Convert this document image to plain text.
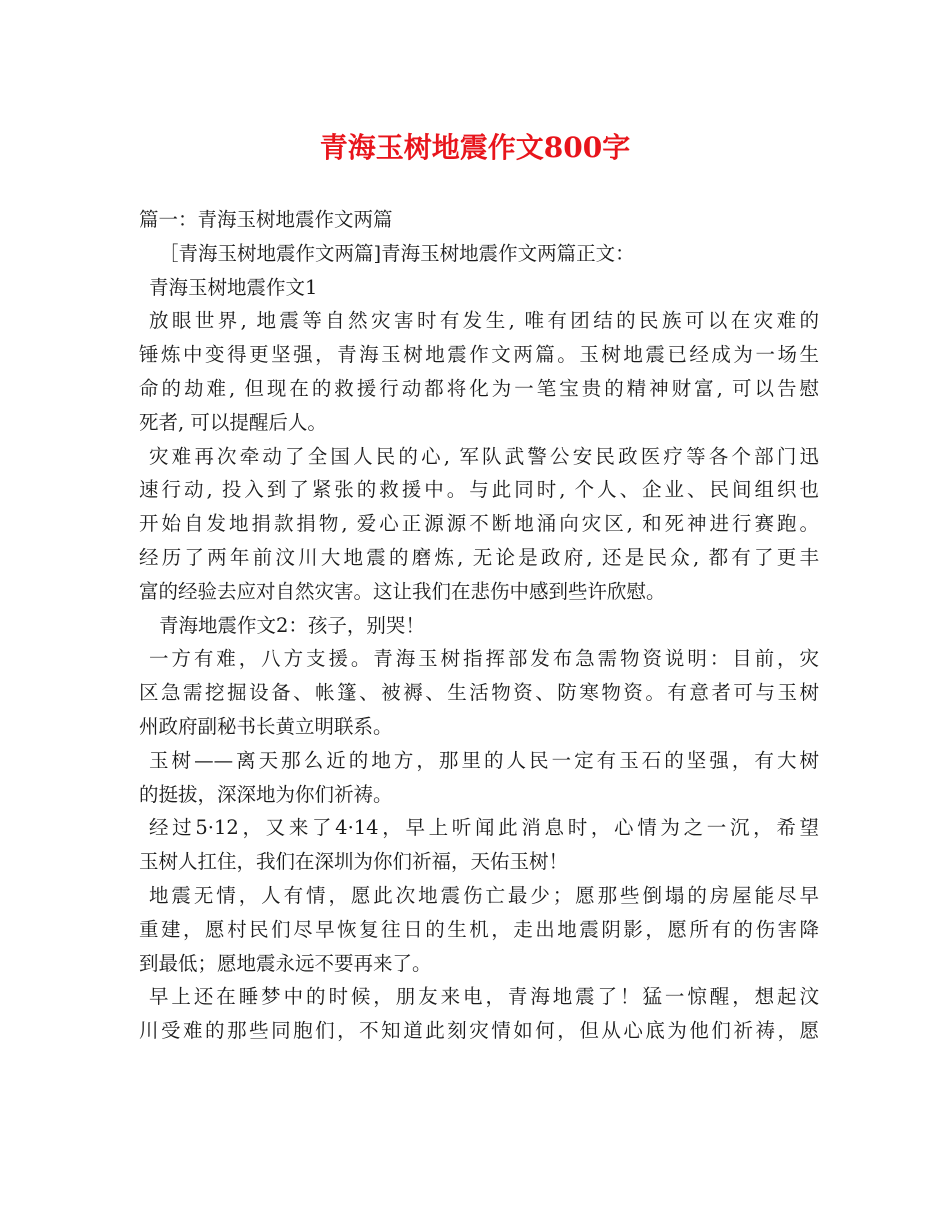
青海玉树地震作文800字
篇一：青海玉树地震作文两篇
［青海玉树地震作文两篇]青海玉树地震作文两篇正文：
青海玉树地震作文1
放眼世界, 地震等自然灾害时有发生, 唯有团结的民族可以在灾难的
锤炼中变得更坚强，青海玉树地震作文两篇。玉树地震已经成为一场生
命的劫难, 但现在的救援行动都将化为一笔宝贵的精神财富, 可以告慰
死者, 可以提醒后人。
灾难再次牵动了全国人民的心, 军队武警公安民政医疗等各个部门迅
速行动, 投入到了紧张的救援中。与此同时, 个人、企业、民间组织也
开始自发地捐款捐物, 爱心正源源不断地涌向灾区, 和死神进行赛跑。
经历了两年前汶川大地震的磨炼, 无论是政府, 还是民众, 都有了更丰
富的经验去应对自然灾害。这让我们在悲伤中感到些许欣慰。
青海地震作文2：孩子，别哭！
一方有难，八方支援。青海玉树指挥部发布急需物资说明：目前，灾
区急需挖掘设备、帐篷、被褥、生活物资、防寒物资。有意者可与玉树
州政府副秘书长黄立明联系。
玉树——离天那么近的地方，那里的人民一定有玉石的坚强，有大树
的挺拔，深深地为你们祈祷。
经过5·12，又来了4·14，早上听闻此消息时，心情为之一沉，希望
玉树人扛住，我们在深圳为你们祈福，天佑玉树！
地震无情，人有情，愿此次地震伤亡最少；愿那些倒塌的房屋能尽早
重建，愿村民们尽早恢复往日的生机，走出地震阴影，愿所有的伤害降
到最低；愿地震永远不要再来了。
早上还在睡梦中的时候，朋友来电，青海地震了！猛一惊醒，想起汶
川受难的那些同胞们，不知道此刻灾情如何，但从心底为他们祈祷，愿
